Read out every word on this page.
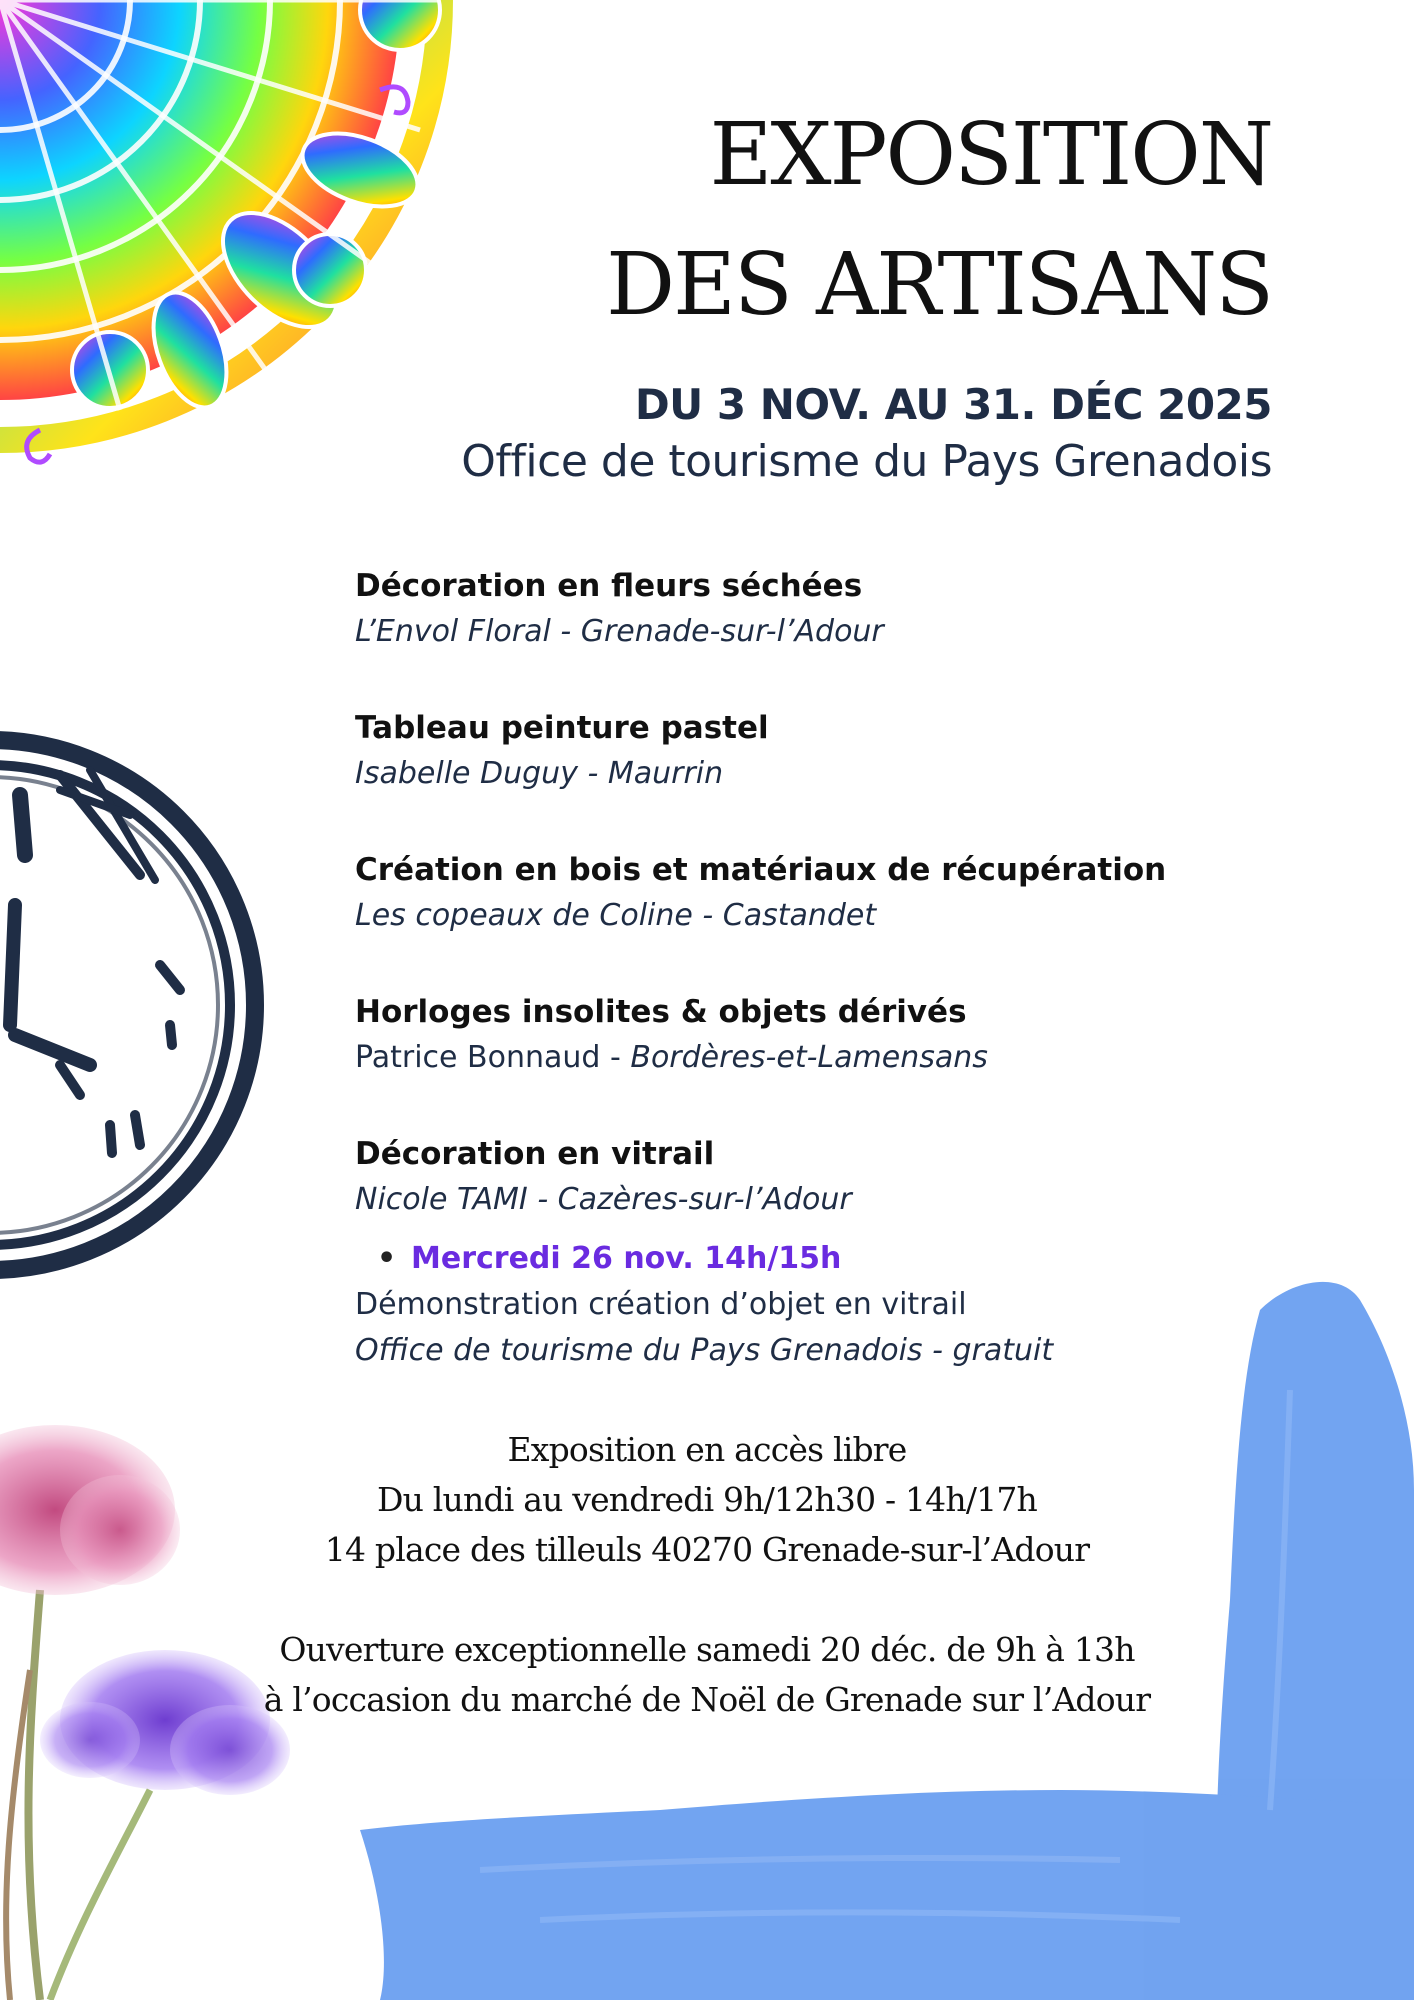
EXPOSITION
DES ARTISANS
DU 3 NOV. AU 31. DÉC 2025
Office de tourisme du Pays Grenadois
Décoration en fleurs séchées
L’Envol Floral - Grenade-sur-l’Adour
Tableau peinture pastel
Isabelle Duguy - Maurrin
Création en bois et matériaux de récupération
Les copeaux de Coline - Castandet
Horloges insolites & objets dérivés
Patrice Bonnaud - Bordères-et-Lamensans
Décoration en vitrail
Nicole TAMI - Cazères-sur-l’Adour
• Mercredi 26 nov. 14h/15h
Démonstration création d’objet en vitrail
Office de tourisme du Pays Grenadois - gratuit
Exposition en accès libre
Du lundi au vendredi 9h/12h30 - 14h/17h
14 place des tilleuls 40270 Grenade-sur-l’Adour
Ouverture exceptionnelle samedi 20 déc. de 9h à 13h
à l’occasion du marché de Noël de Grenade sur l’Adour
